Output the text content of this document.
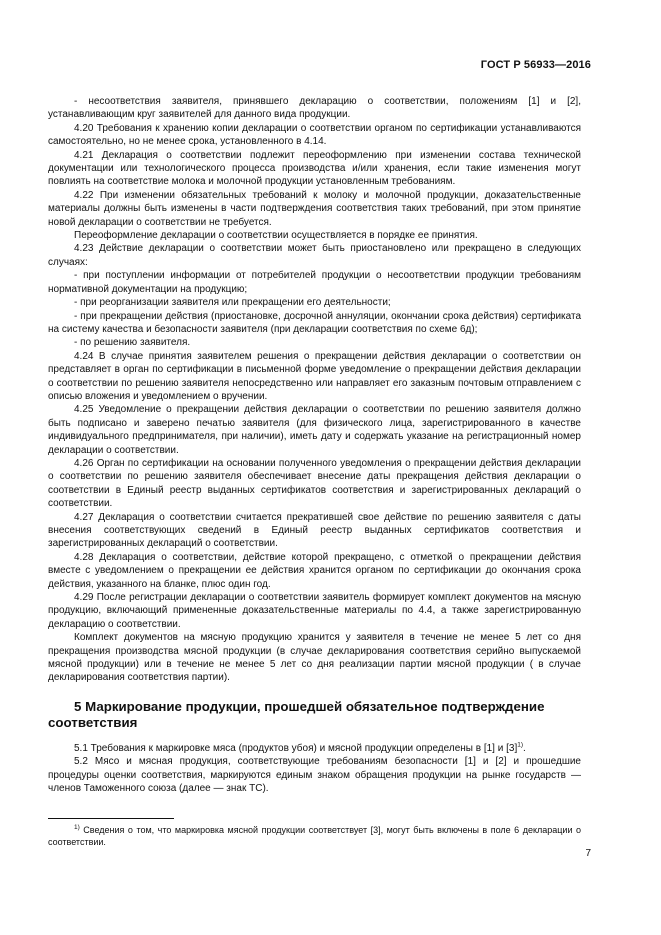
ГОСТ Р 56933—2016

- несоответствия заявителя, принявшего декларацию о соответствии, положениям [1] и [2], устанавливающим круг заявителей для данного вида продукции.

4.20 Требования к хранению копии декларации о соответствии органом по сертификации устанавливаются самостоятельно, но не менее срока, установленного в 4.14.

4.21 Декларация о соответствии подлежит переоформлению при изменении состава технической документации или технологического процесса производства и/или хранения, если такие изменения могут повлиять на соответствие молока и молочной продукции установленным требованиям.

4.22 При изменении обязательных требований к молоку и молочной продукции, доказательственные материалы должны быть изменены в части подтверждения соответствия таких требований, при этом принятие новой декларации о соответствии не требуется.

Переоформление декларации о соответствии осуществляется в порядке ее принятия.

4.23 Действие декларации о соответствии может быть приостановлено или прекращено в следующих случаях:

- при поступлении информации от потребителей продукции о несоответствии продукции требованиям нормативной документации на продукцию;

- при реорганизации заявителя или прекращении его деятельности;

- при прекращении действия (приостановке, досрочной аннуляции, окончании срока действия) сертификата на систему качества и безопасности заявителя (при декларации соответствия по схеме 6д);

- по решению заявителя.

4.24 В случае принятия заявителем решения о прекращении действия декларации о соответствии он представляет в орган по сертификации в письменной форме уведомление о прекращении действия декларации о соответствии по решению заявителя непосредственно или направляет его заказным почтовым отправлением с описью вложения и уведомлением о вручении.

4.25 Уведомление о прекращении действия декларации о соответствии по решению заявителя должно быть подписано и заверено печатью заявителя (для физического лица, зарегистрированного в качестве индивидуального предпринимателя, при наличии), иметь дату и содержать указание на регистрационный номер декларации о соответствии.

4.26 Орган по сертификации на основании полученного уведомления о прекращении действия декларации о соответствии по решению заявителя обеспечивает внесение даты прекращения действия декларации о соответствии в Единый реестр выданных сертификатов соответствия и зарегистрированных деклараций о соответствии.

4.27 Декларация о соответствии считается прекратившей свое действие по решению заявителя с даты внесения соответствующих сведений в Единый реестр выданных сертификатов соответствия и зарегистрированных деклараций о соответствии.

4.28 Декларация о соответствии, действие которой прекращено, с отметкой о прекращении действия вместе с уведомлением о прекращении ее действия хранится органом по сертификации до окончания срока действия, указанного на бланке, плюс один год.

4.29 После регистрации декларации о соответствии заявитель формирует комплект документов на мясную продукцию, включающий примененные доказательственные материалы по 4.4, а также зарегистрированную декларацию о соответствии.

Комплект документов на мясную продукцию хранится у заявителя в течение не менее 5 лет со дня прекращения производства мясной продукции (в случае декларирования соответствия серийно выпускаемой мясной продукции) или в течение не менее 5 лет со дня реализации партии мясной продукции ( в случае декларирования соответствия партии).

5 Маркирование продукции, прошедшей обязательное подтверждение соответствия

5.1 Требования к маркировке мяса (продуктов убоя) и мясной продукции определены в [1] и $[3]^{1)}$.

5.2 Мясо и мясная продукция, соответствующие требованиям безопасности [1] и [2] и прошедшие процедуры оценки соответствия, маркируются единым знаком обращения продукции на рынке государств — членов Таможенного союза (далее — знак ТС).

$^{1)}$ Сведения о том, что маркировка мясной продукции соответствует [3], могут быть включены в поле 6 декларации о соответствии.

7
